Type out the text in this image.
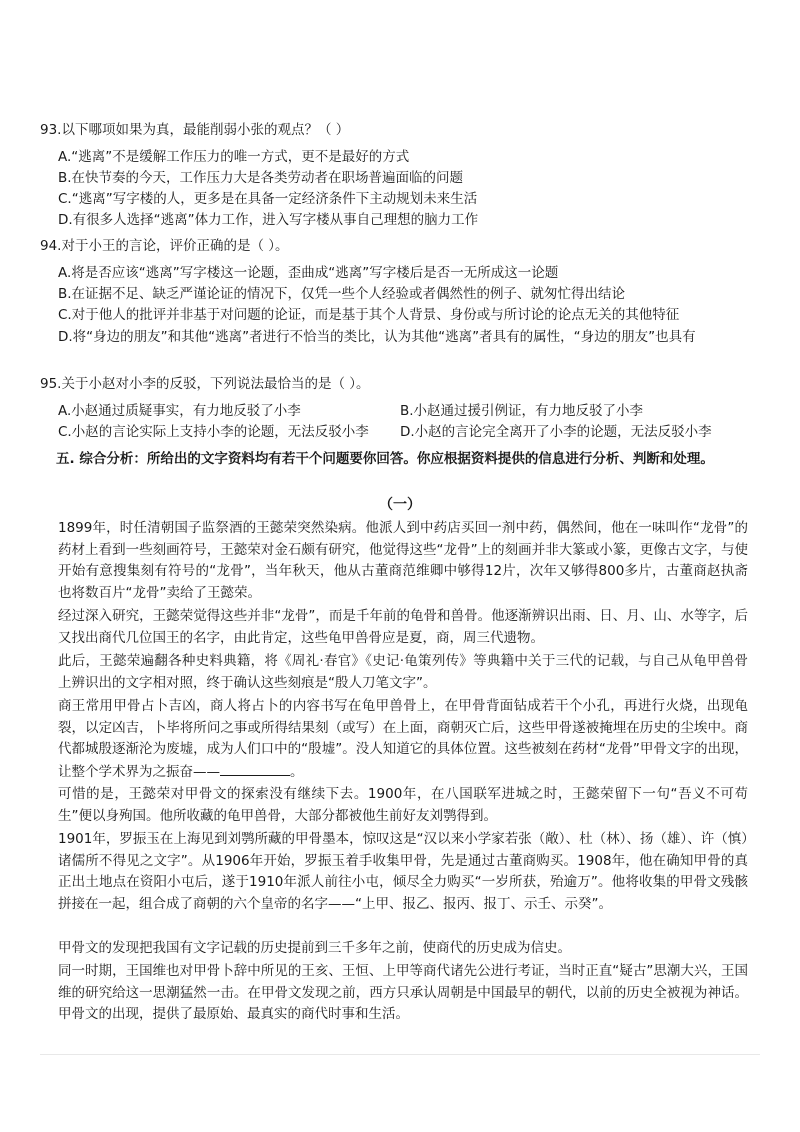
93.以下哪项如果为真，最能削弱小张的观点？（ ）
A.“逃离”不是缓解工作压力的唯一方式，更不是最好的方式
B.在快节奏的今天，工作压力大是各类劳动者在职场普遍面临的问题
C.“逃离”写字楼的人，更多是在具备一定经济条件下主动规划未来生活
D.有很多人选择“逃离”体力工作，进入写字楼从事自己理想的脑力工作
94.对于小王的言论，评价正确的是（ ）。
A.将是否应该“逃离”写字楼这一论题，歪曲成“逃离”写字楼后是否一无所成这一论题
B.在证据不足、缺乏严谨论证的情况下，仅凭一些个人经验或者偶然性的例子、就匆忙得出结论
C.对于他人的批评并非基于对问题的论证，而是基于其个人背景、身份或与所讨论的论点无关的其他特征
D.将“身边的朋友”和其他“逃离”者进行不恰当的类比，认为其他“逃离”者具有的属性，“身边的朋友”也具有
95.关于小赵对小李的反驳，下列说法最恰当的是（ ）。
A.小赵通过质疑事实，有力地反驳了小李	B.小赵通过援引例证，有力地反驳了小李
C.小赵的言论实际上支持小李的论题，无法反驳小李 D.小赵的言论完全离开了小李的论题，无法反驳小李
五. 综合分析：所给出的文字资料均有若干个问题要你回答。你应根据资料提供的信息进行分析、判断和处理。
（一）
1899年，时任清朝国子监祭酒的王懿荣突然染病。他派人到中药店买回一剂中药，偶然间，他在一味叫作“龙骨”的药材上看到一些刻画符号，王懿荣对金石颇有研究，他觉得这些“龙骨”上的刻画并非大篆或小篆，更像古文字，与使开始有意搜集刻有符号的“龙骨”，当年秋天，他从古董商范维卿中够得12片，次年又够得800多片，古董商赵执斋也将数百片“龙骨”卖给了王懿荣。
经过深入研究，王懿荣觉得这些并非“龙骨”，而是千年前的龟骨和兽骨。他逐渐辨识出雨、日、月、山、水等字，后又找出商代几位国王的名字，由此肯定，这些龟甲兽骨应是夏，商，周三代遗物。
此后，王懿荣遍翻各种史料典籍，将《周礼·春官》《史记·龟策列传》等典籍中关于三代的记载，与自己从龟甲兽骨上辨识出的文字相对照，终于确认这些刻痕是“殷人刀笔文字”。
商王常用甲骨占卜吉凶，商人将占卜的内容书写在龟甲兽骨上，在甲骨背面钻成若干个小孔，再进行火烧，出现龟裂，以定凶吉，卜毕将所问之事或所得结果刻（或写）在上面，商朝灭亡后，这些甲骨遂被掩埋在历史的尘埃中。商代都城殷逐渐沦为废墟，成为人们口中的“殷墟”。没人知道它的具体位置。这些被刻在药材“龙骨”甲骨文字的出现，让整个学术界为之振奋——	。
可惜的是，王懿荣对甲骨文的探索没有继续下去。1900年，在八国联军进城之时，王懿荣留下一句“吾义不可苟生”便以身殉国。他所收藏的龟甲兽骨，大部分都被他生前好友刘鹗得到。
1901年，罗振玉在上海见到刘鹗所藏的甲骨墨本，惊叹这是“汉以来小学家若张（敞）、杜（林）、扬（雄）、许（慎）诸儒所不得见之文字”。从1906年开始，罗振玉着手收集甲骨，先是通过古董商购买。1908年，他在确知甲骨的真正出土地点在资阳小屯后，遂于1910年派人前往小屯，倾尽全力购买“一岁所获，殆逾万”。他将收集的甲骨文残骸拼接在一起，组合成了商朝的六个皇帝的名字——“上甲、报乙、报丙、报丁、示壬、示癸”。
甲骨文的发现把我国有文字记载的历史提前到三千多年之前，使商代的历史成为信史。
同一时期，王国维也对甲骨卜辞中所见的王亥、王恒、上甲等商代诸先公进行考证，当时正直“疑古”思潮大兴，王国维的研究给这一思潮猛然一击。在甲骨文发现之前，西方只承认周朝是中国最早的朝代，以前的历史全被视为神话。甲骨文的出现，提供了最原始、最真实的商代时事和生活。
